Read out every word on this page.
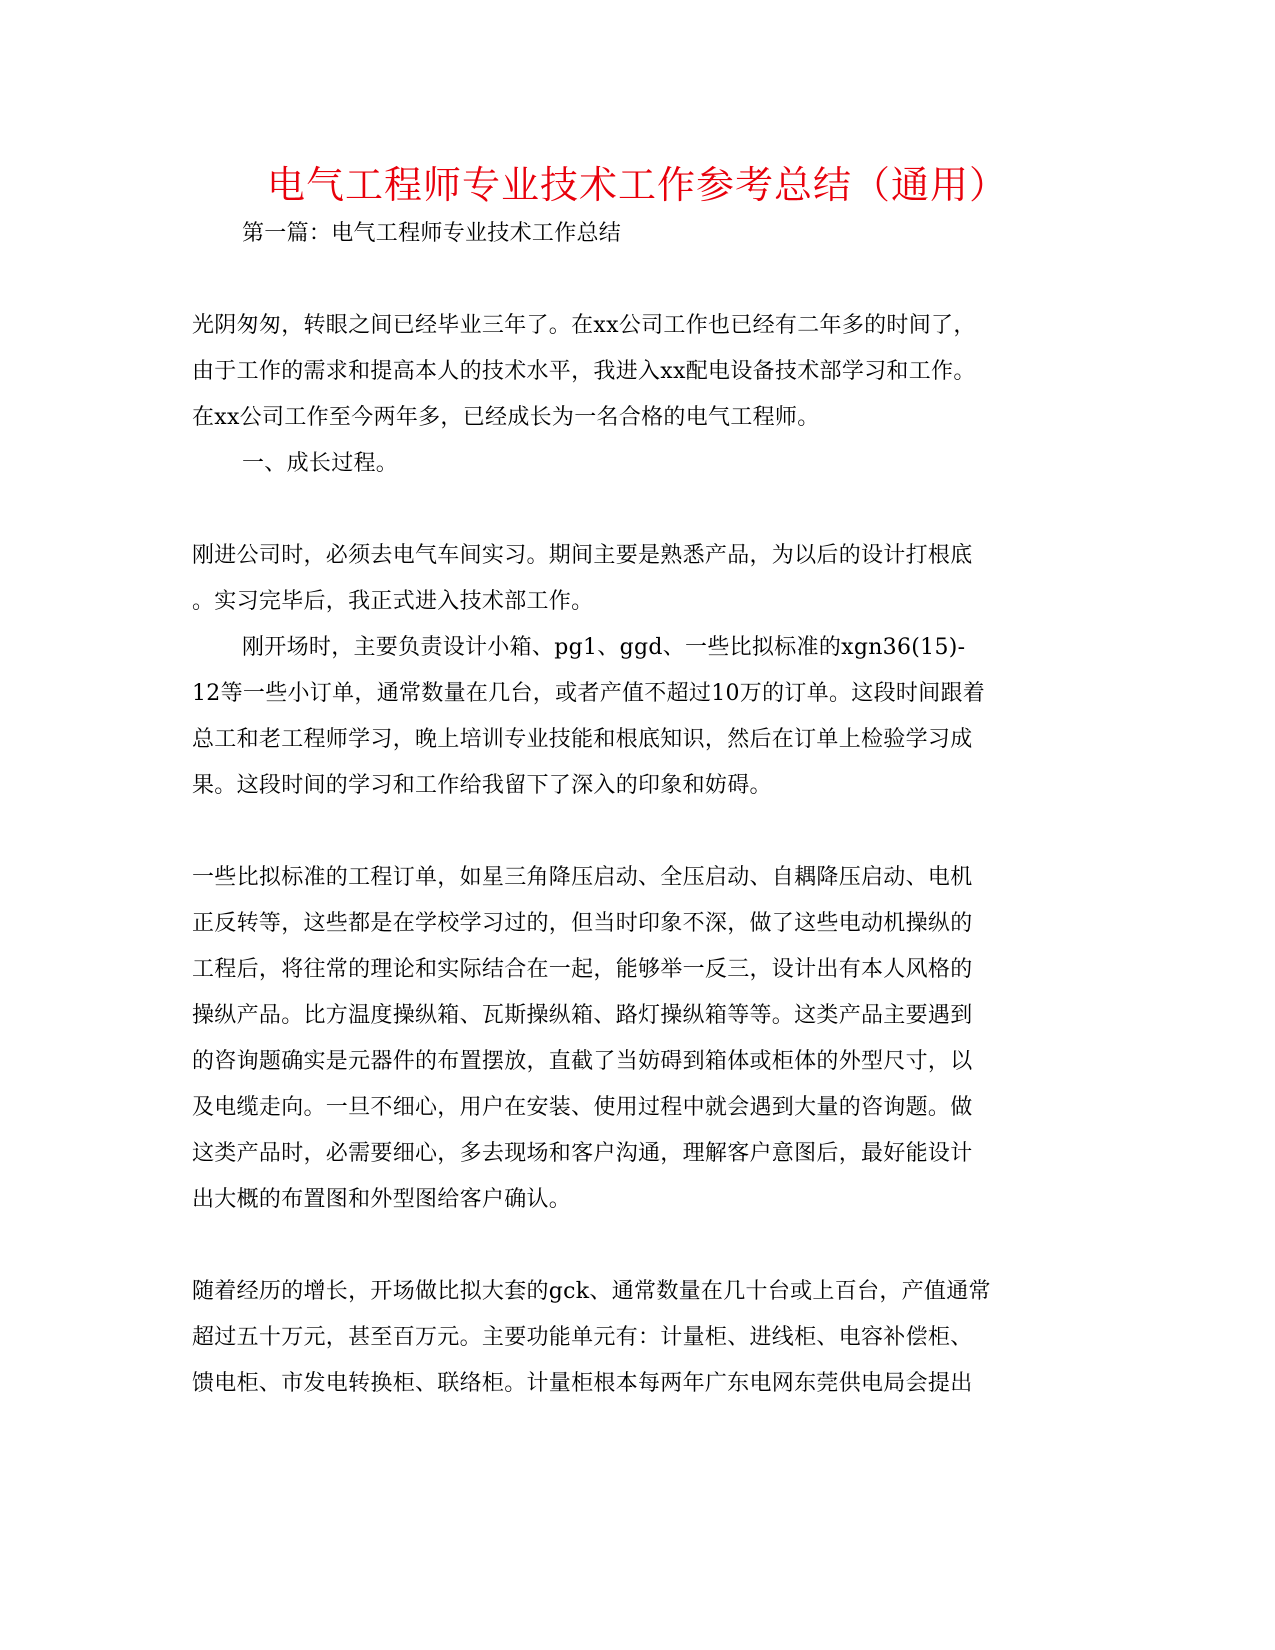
电气工程师专业技术工作参考总结（通用）
第一篇：电气工程师专业技术工作总结
光阴匆匆，转眼之间已经毕业三年了。在xx公司工作也已经有二年多的时间了，
由于工作的需求和提高本人的技术水平，我进入xx配电设备技术部学习和工作。
在xx公司工作至今两年多，已经成长为一名合格的电气工程师。
一、成长过程。
刚进公司时，必须去电气车间实习。期间主要是熟悉产品，为以后的设计打根底
。实习完毕后，我正式进入技术部工作。
刚开场时，主要负责设计小箱、pg1、ggd、一些比拟标准的xgn36(15)-
12等一些小订单，通常数量在几台，或者产值不超过10万的订单。这段时间跟着
总工和老工程师学习，晚上培训专业技能和根底知识，然后在订单上检验学习成
果。这段时间的学习和工作给我留下了深入的印象和妨碍。
一些比拟标准的工程订单，如星三角降压启动、全压启动、自耦降压启动、电机
正反转等，这些都是在学校学习过的，但当时印象不深，做了这些电动机操纵的
工程后，将往常的理论和实际结合在一起，能够举一反三，设计出有本人风格的
操纵产品。比方温度操纵箱、瓦斯操纵箱、路灯操纵箱等等。这类产品主要遇到
的咨询题确实是元器件的布置摆放，直截了当妨碍到箱体或柜体的外型尺寸，以
及电缆走向。一旦不细心，用户在安装、使用过程中就会遇到大量的咨询题。做
这类产品时，必需要细心，多去现场和客户沟通，理解客户意图后，最好能设计
出大概的布置图和外型图给客户确认。
随着经历的增长，开场做比拟大套的gck、通常数量在几十台或上百台，产值通常
超过五十万元，甚至百万元。主要功能单元有：计量柜、进线柜、电容补偿柜、
馈电柜、市发电转换柜、联络柜。计量柜根本每两年广东电网东莞供电局会提出
